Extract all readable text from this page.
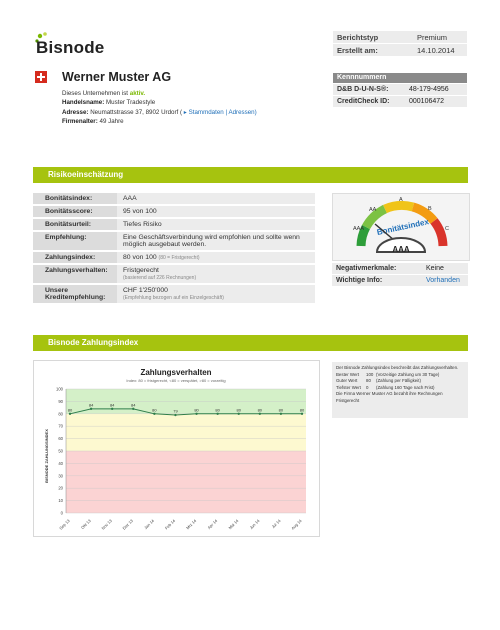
Bisnode
Berichtstyp	Premium
Erstellt am:	14.10.2014
Werner Muster AG
Dieses Unternehmen ist aktiv.
Handelsname: Muster Tradestyle
Adresse: Neumattstrasse 37, 8902 Urdorf ( ▸ Stammdaten | Adressen)
Firmenalter: 49 Jahre
Kennnummern
D&B D-U-N-S®:	48-179-4956
CreditCheck ID:	000106472
Risikoeinschätzung
Bonitätsindex:	AAA
Bonitätsscore:	95 von 100
Bonitätsurteil:	Tiefes Risiko
Empfehlung:	Eine Geschäftsverbindung wird empfohlen und sollte wenn möglich ausgebaut werden.
Zahlungsindex:	80 von 100 (80 = Fristgerecht)
Zahlungsverhalten:	Fristgerecht
(basierend auf 226 Rechnungen)
Unsere Kreditempfehlung:
CHF 1'250'000
(Empfehlung bezogen auf ein Einzelgeschäft)
AAA
AA
A
B
C
Bonitätsindex
AAA
Negativmerkmale:	Keine
Wichtige Info:	Vorhanden
Bisnode Zahlungsindex
Zahlungsverhalten
Index: 80 = fristgerecht, <80 = verspätet, >80 = vorzeitig
BISNODE ZAHLUNGSINDEX
0
10
20
30
40
50
60
70
80
90
100
Sep 13 Okt 13 Nov 13 Dez 13 Jan 14 Feb 14 Mrz 14 Apr 14 Mai 14 Jun 14 Jul 14 Aug 14
80
84	84	84
80	79	80	80	80	80	80	80
Der Bisnode Zahlungsindex beschreibt das Zahlungsverhalten.
Bester Wert	100 (Vorzeitige Zahlung um 30 Tage)
Guter Wert	80	(Zahlung per Fälligkeit)
Tiefster Wert	0	(Zahlung 160 Tage nach Frist)
Die Firma Werner Muster AG bezahlt ihre Rechnungen Fristgerecht
